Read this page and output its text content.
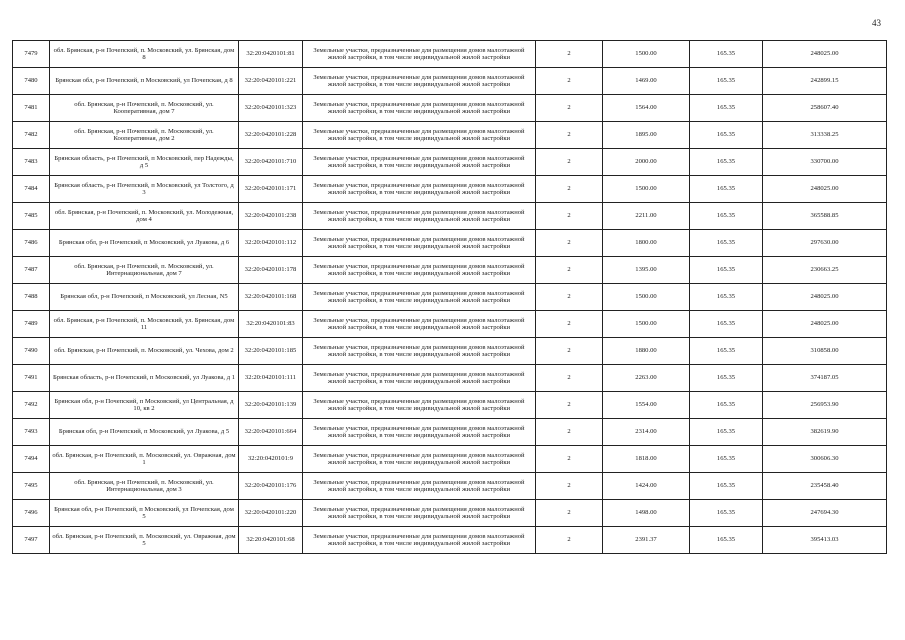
43
7479	обл. Брянская, р-н Почепский, п. Московский, ул. Брянская, дом 8	32:20:0420101:81	Земельные участки, предназначенные для размещения домов малоэтажной жилой застройки, в том числе индивидуальной жилой застройки	2	1500.00	165.35	248025.00
7480	Брянская обл, р-н Почепский, п Московский, ул Почепская, д 8	32:20:0420101:221	Земельные участки, предназначенные для размещения домов малоэтажной жилой застройки, в том числе индивидуальной жилой застройки	2	1469.00	165.35	242899.15
7481	обл. Брянская, р-н Почепский, п. Московский, ул. Кооперативная, дом 7	32:20:0420101:323	Земельные участки, предназначенные для размещения домов малоэтажной жилой застройки, в том числе индивидуальной жилой застройки	2	1564.00	165.35	258607.40
7482	обл. Брянская, р-н Почепский, п. Московский, ул. Кооперативная, дом 2	32:20:0420101:228	Земельные участки, предназначенные для размещения домов малоэтажной жилой застройки, в том числе индивидуальной жилой застройки	2	1895.00	165.35	313338.25
7483	Брянская область, р-н Почепский, п Московский, пер Надежды, д 5	32:20:0420101:710	Земельные участки, предназначенные для размещения домов малоэтажной жилой застройки, в том числе индивидуальной жилой застройки	2	2000.00	165.35	330700.00
7484	Брянская область, р-н Почепский, п Московский, ул Толстого, д 3	32:20:0420101:171	Земельные участки, предназначенные для размещения домов малоэтажной жилой застройки, в том числе индивидуальной жилой застройки	2	1500.00	165.35	248025.00
7485	обл. Брянская, р-н Почепский, п. Московский, ул. Молодежная, дом 4	32:20:0420101:238	Земельные участки, предназначенные для размещения домов малоэтажной жилой застройки, в том числе индивидуальной жилой застройки	2	2211.00	165.35	365588.85
7486	Брянская обл, р-н Почепский, п Московский, ул Луакова, д 6	32:20:0420101:112	Земельные участки, предназначенные для размещения домов малоэтажной жилой застройки, в том числе индивидуальной жилой застройки	2	1800.00	165.35	297630.00
7487	обл. Брянская, р-н Почепский, п. Московский, ул. Интернациональная, дом 7	32:20:0420101:178	Земельные участки, предназначенные для размещения домов малоэтажной жилой застройки, в том числе индивидуальной жилой застройки	2	1395.00	165.35	230663.25
7488	Брянская обл, р-н Почепский, п Московский, ул Лесная, N5	32:20:0420101:168	Земельные участки, предназначенные для размещения домов малоэтажной жилой застройки, в том числе индивидуальной жилой застройки	2	1500.00	165.35	248025.00
7489	обл. Брянская, р-н Почепский, п. Московский, ул. Брянская, дом 11	32:20:0420101:83	Земельные участки, предназначенные для размещения домов малоэтажной жилой застройки, в том числе индивидуальной жилой застройки	2	1500.00	165.35	248025.00
7490	обл. Брянская, р-н Почепский, п. Московский, ул. Чехова, дом 2	32:20:0420101:185	Земельные участки, предназначенные для размещения домов малоэтажной жилой застройки, в том числе индивидуальной жилой застройки	2	1880.00	165.35	310858.00
7491	Брянская область, р-н Почепский, п Московский, ул Луакова, д 1	32:20:0420101:111	Земельные участки, предназначенные для размещения домов малоэтажной жилой застройки, в том числе индивидуальной жилой застройки	2	2263.00	165.35	374187.05
7492	Брянская обл, р-н Почепский, п Московский, ул Центральная, д 10, кв 2	32:20:0420101:139	Земельные участки, предназначенные для размещения домов малоэтажной жилой застройки, в том числе индивидуальной жилой застройки	2	1554.00	165.35	256953.90
7493	Брянская обл, р-н Почепский, п Московский, ул Луакова, д 5	32:20:0420101:664	Земельные участки, предназначенные для размещения домов малоэтажной жилой застройки, в том числе индивидуальной жилой застройки	2	2314.00	165.35	382619.90
7494	обл. Брянская, р-н Почепский, п. Московский, ул. Овражная, дом 1	32:20:0420101:9	Земельные участки, предназначенные для размещения домов малоэтажной жилой застройки, в том числе индивидуальной жилой застройки	2	1818.00	165.35	300606.30
7495	обл. Брянская, р-н Почепский, п. Московский, ул. Интернациональная, дом 3	32:20:0420101:176	Земельные участки, предназначенные для размещения домов малоэтажной жилой застройки, в том числе индивидуальной жилой застройки	2	1424.00	165.35	235458.40
7496	Брянская обл, р-н Почепский, п Московский, ул Почепская, дом 5	32:20:0420101:220	Земельные участки, предназначенные для размещения домов малоэтажной жилой застройки, в том числе индивидуальной жилой застройки	2	1498.00	165.35	247694.30
7497	обл. Брянская, р-н Почепский, п. Московский, ул. Овражная, дом 5	32:20:0420101:68	Земельные участки, предназначенные для размещения домов малоэтажной жилой застройки, в том числе индивидуальной жилой застройки	2	2391.37	165.35	395413.03
